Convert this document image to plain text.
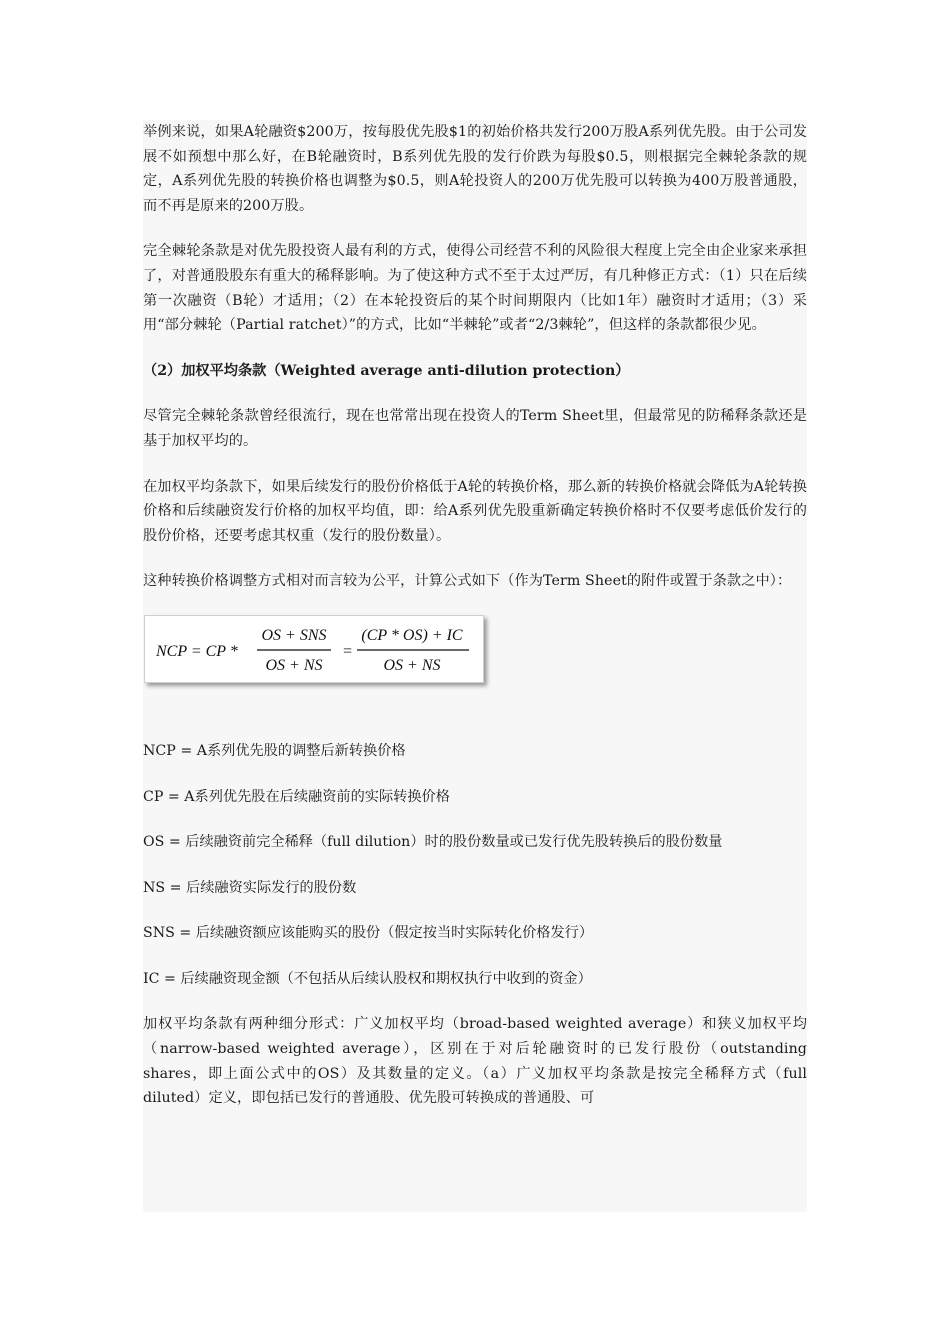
举例来说，如果A轮融资$200万，按每股优先股$1的初始价格共发行200万股A系列优先股。由于公司发展不如预想中那么好，在B轮融资时，B系列优先股的发行价跌为每股$0.5，则根据完全棘轮条款的规定，A系列优先股的转换价格也调整为$0.5，则A轮投资人的200万优先股可以转换为400万股普通股，而不再是原来的200万股。

完全棘轮条款是对优先股投资人最有利的方式，使得公司经营不利的风险很大程度上完全由企业家来承担了，对普通股股东有重大的稀释影响。为了使这种方式不至于太过严厉，有几种修正方式：（1）只在后续第一次融资（B轮）才适用；（2）在本轮投资后的某个时间期限内（比如1年）融资时才适用；（3）采用“部分棘轮（Partial ratchet）”的方式，比如“半棘轮”或者“2/3棘轮”，但这样的条款都很少见。

（2）加权平均条款（Weighted average anti-dilution protection）

尽管完全棘轮条款曾经很流行，现在也常常出现在投资人的Term Sheet里，但最常见的防稀释条款还是基于加权平均的。

在加权平均条款下，如果后续发行的股份价格低于A轮的转换价格，那么新的转换价格就会降低为A轮转换价格和后续融资发行价格的加权平均值，即：给A系列优先股重新确定转换价格时不仅要考虑低价发行的股份价格，还要考虑其权重（发行的股份数量）。

这种转换价格调整方式相对而言较为公平，计算公式如下（作为Term Sheet的附件或置于条款之中）：

NCP = CP *
OS + SNS
OS + NS
=
(CP * OS) + IC
OS + NS

NCP = A系列优先股的调整后新转换价格

CP = A系列优先股在后续融资前的实际转换价格

OS = 后续融资前完全稀释（full dilution）时的股份数量或已发行优先股转换后的股份数量

NS = 后续融资实际发行的股份数

SNS = 后续融资额应该能购买的股份（假定按当时实际转化价格发行）

IC = 后续融资现金额（不包括从后续认股权和期权执行中收到的资金）

加权平均条款有两种细分形式：广义加权平均（broad-based weighted average）和狭义加权平均（narrow-based weighted average），区别在于对后轮融资时的已发行股份（outstanding shares，即上面公式中的OS）及其数量的定义。（a）广义加权平均条款是按完全稀释方式（full diluted）定义，即包括已发行的普通股、优先股可转换成的普通股、可
